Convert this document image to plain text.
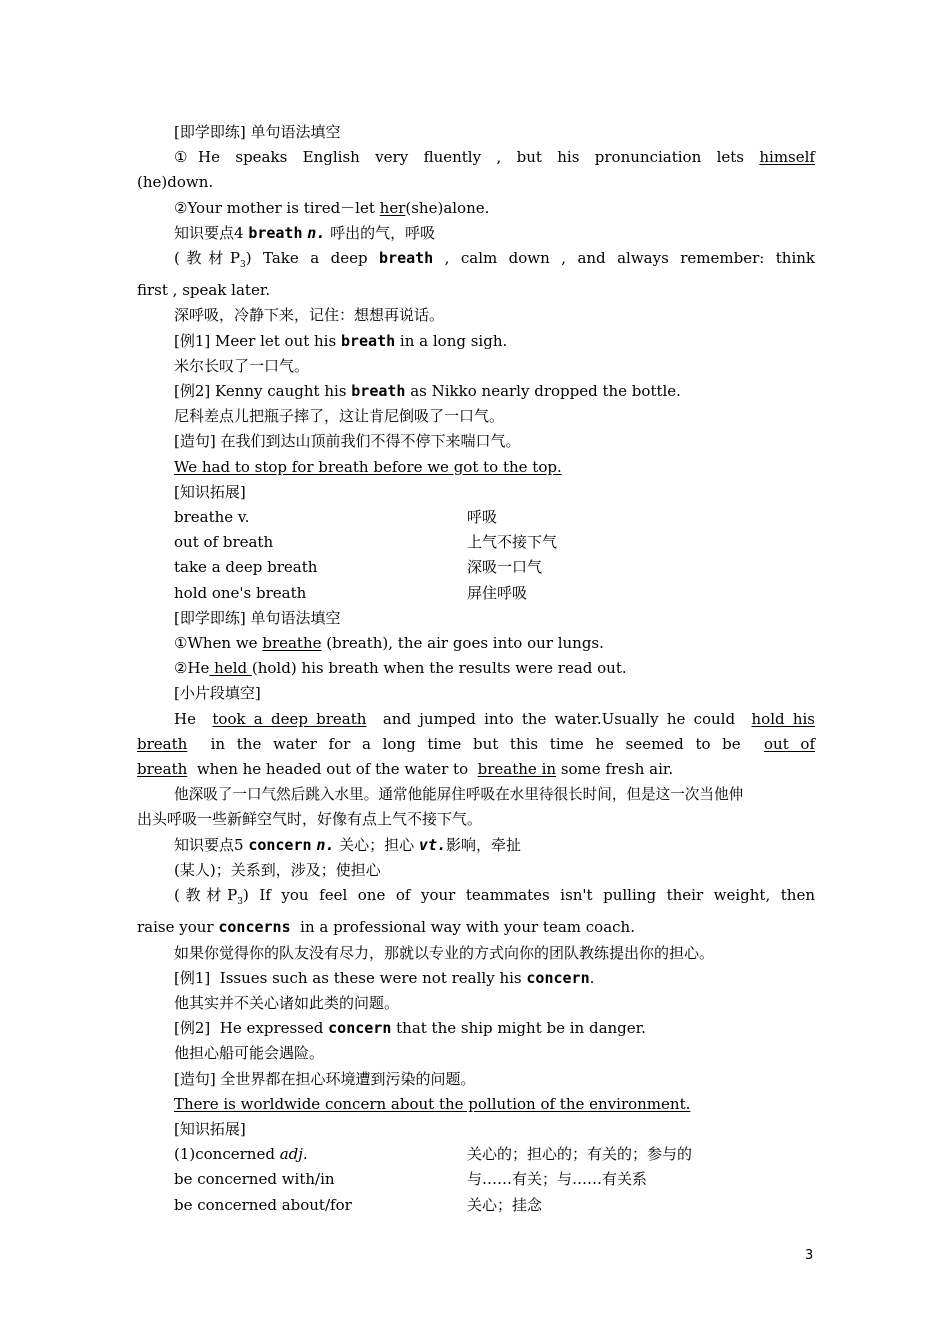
[即学即练] 单句语法填空
①He speaks English very fluently , but his pronunciation lets himself
(he)down.
②Your mother is tired－let her(she)alone.
知识要点4 breath n. 呼出的气，呼吸
(教材$P_3$) Take a deep breath , calm down , and always remember: think
first , speak later.
深呼吸，冷静下来，记住：想想再说话。
[例1] Meer let out his breath in a long sigh.
米尔长叹了一口气。
[例2] Kenny caught his breath as Nikko nearly dropped the bottle.
尼科差点儿把瓶子摔了，这让肯尼倒吸了一口气。
[造句] 在我们到达山顶前我们不得不停下来喘口气。
We had to stop for breath before we got to the top.
[知识拓展]
breathe v.	呼吸
out of breath	上气不接下气
take a deep breath	深吸一口气
hold one's breath	屏住呼吸
[即学即练] 单句语法填空
①When we breathe (breath), the air goes into our lungs.
②He held (hold) his breath when the results were read out.
[小片段填空]
He  took a deep breath  and jumped into the water.Usually he could  hold his
breath  in the water for a long time but this time he seemed to be  out of
breath  when he headed out of the water to  breathe in some fresh air.
他深吸了一口气然后跳入水里。通常他能屏住呼吸在水里待很长时间，但是这一次当他伸
出头呼吸一些新鲜空气时，好像有点上气不接下气。
知识要点5 concern n. 关心；担心 vt.影响，牵扯
(某人)；关系到，涉及；使担心
(教材$P_3$) If you feel one of your teammates isn't pulling their weight, then
raise your concerns  in a professional way with your team coach.
如果你觉得你的队友没有尽力，那就以专业的方式向你的团队教练提出你的担心。
[例1]  Issues such as these were not really his concern.
他其实并不关心诸如此类的问题。
[例2]  He expressed concern that the ship might be in danger.
他担心船可能会遇险。
[造句] 全世界都在担心环境遭到污染的问题。
There is worldwide concern about the pollution of the environment.
[知识拓展]
(1)concerned adj.	关心的；担心的；有关的；参与的
be concerned with/in	与……有关；与……有关系
be concerned about/for	关心；挂念
3
